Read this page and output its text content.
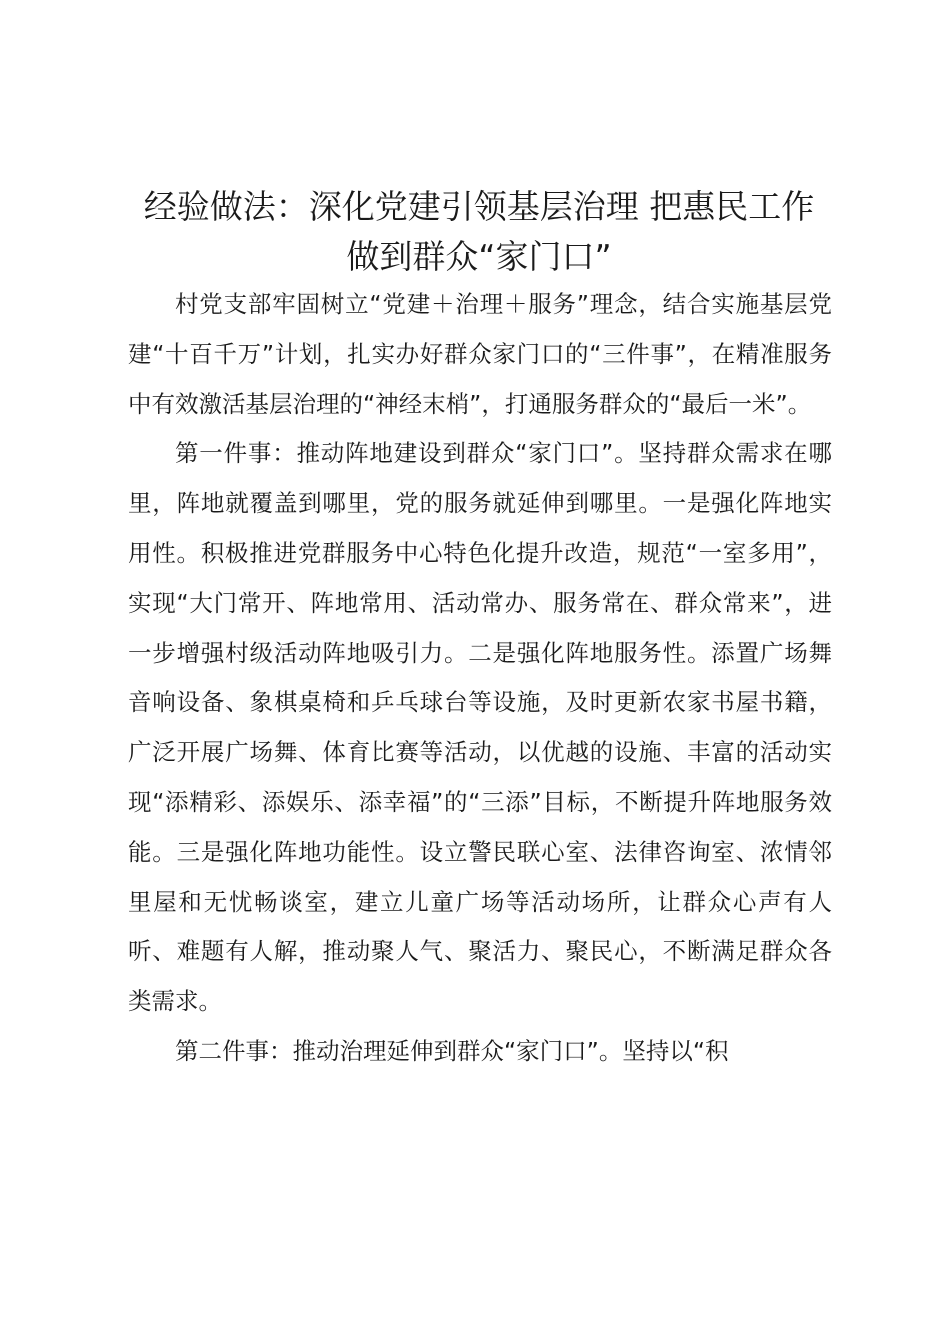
经验做法：深化党建引领基层治理 把惠民工作做到群众“家门口”

村党支部牢固树立“党建＋治理＋服务”理念，结合实施基层党建“十百千万”计划，扎实办好群众家门口的“三件事”，在精准服务中有效激活基层治理的“神经末梢”，打通服务群众的“最后一米”。

第一件事：推动阵地建设到群众“家门口”。坚持群众需求在哪里，阵地就覆盖到哪里，党的服务就延伸到哪里。一是强化阵地实用性。积极推进党群服务中心特色化提升改造，规范“一室多用”，实现“大门常开、阵地常用、活动常办、服务常在、群众常来”，进一步增强村级活动阵地吸引力。二是强化阵地服务性。添置广场舞音响设备、象棋桌椅和乒乓球台等设施，及时更新农家书屋书籍，广泛开展广场舞、体育比赛等活动，以优越的设施、丰富的活动实现“添精彩、添娱乐、添幸福”的“三添”目标，不断提升阵地服务效能。三是强化阵地功能性。设立警民联心室、法律咨询室、浓情邻里屋和无忧畅谈室，建立儿童广场等活动场所，让群众心声有人听、难题有人解，推动聚人气、聚活力、聚民心，不断满足群众各类需求。

第二件事：推动治理延伸到群众“家门口”。坚持以“积
